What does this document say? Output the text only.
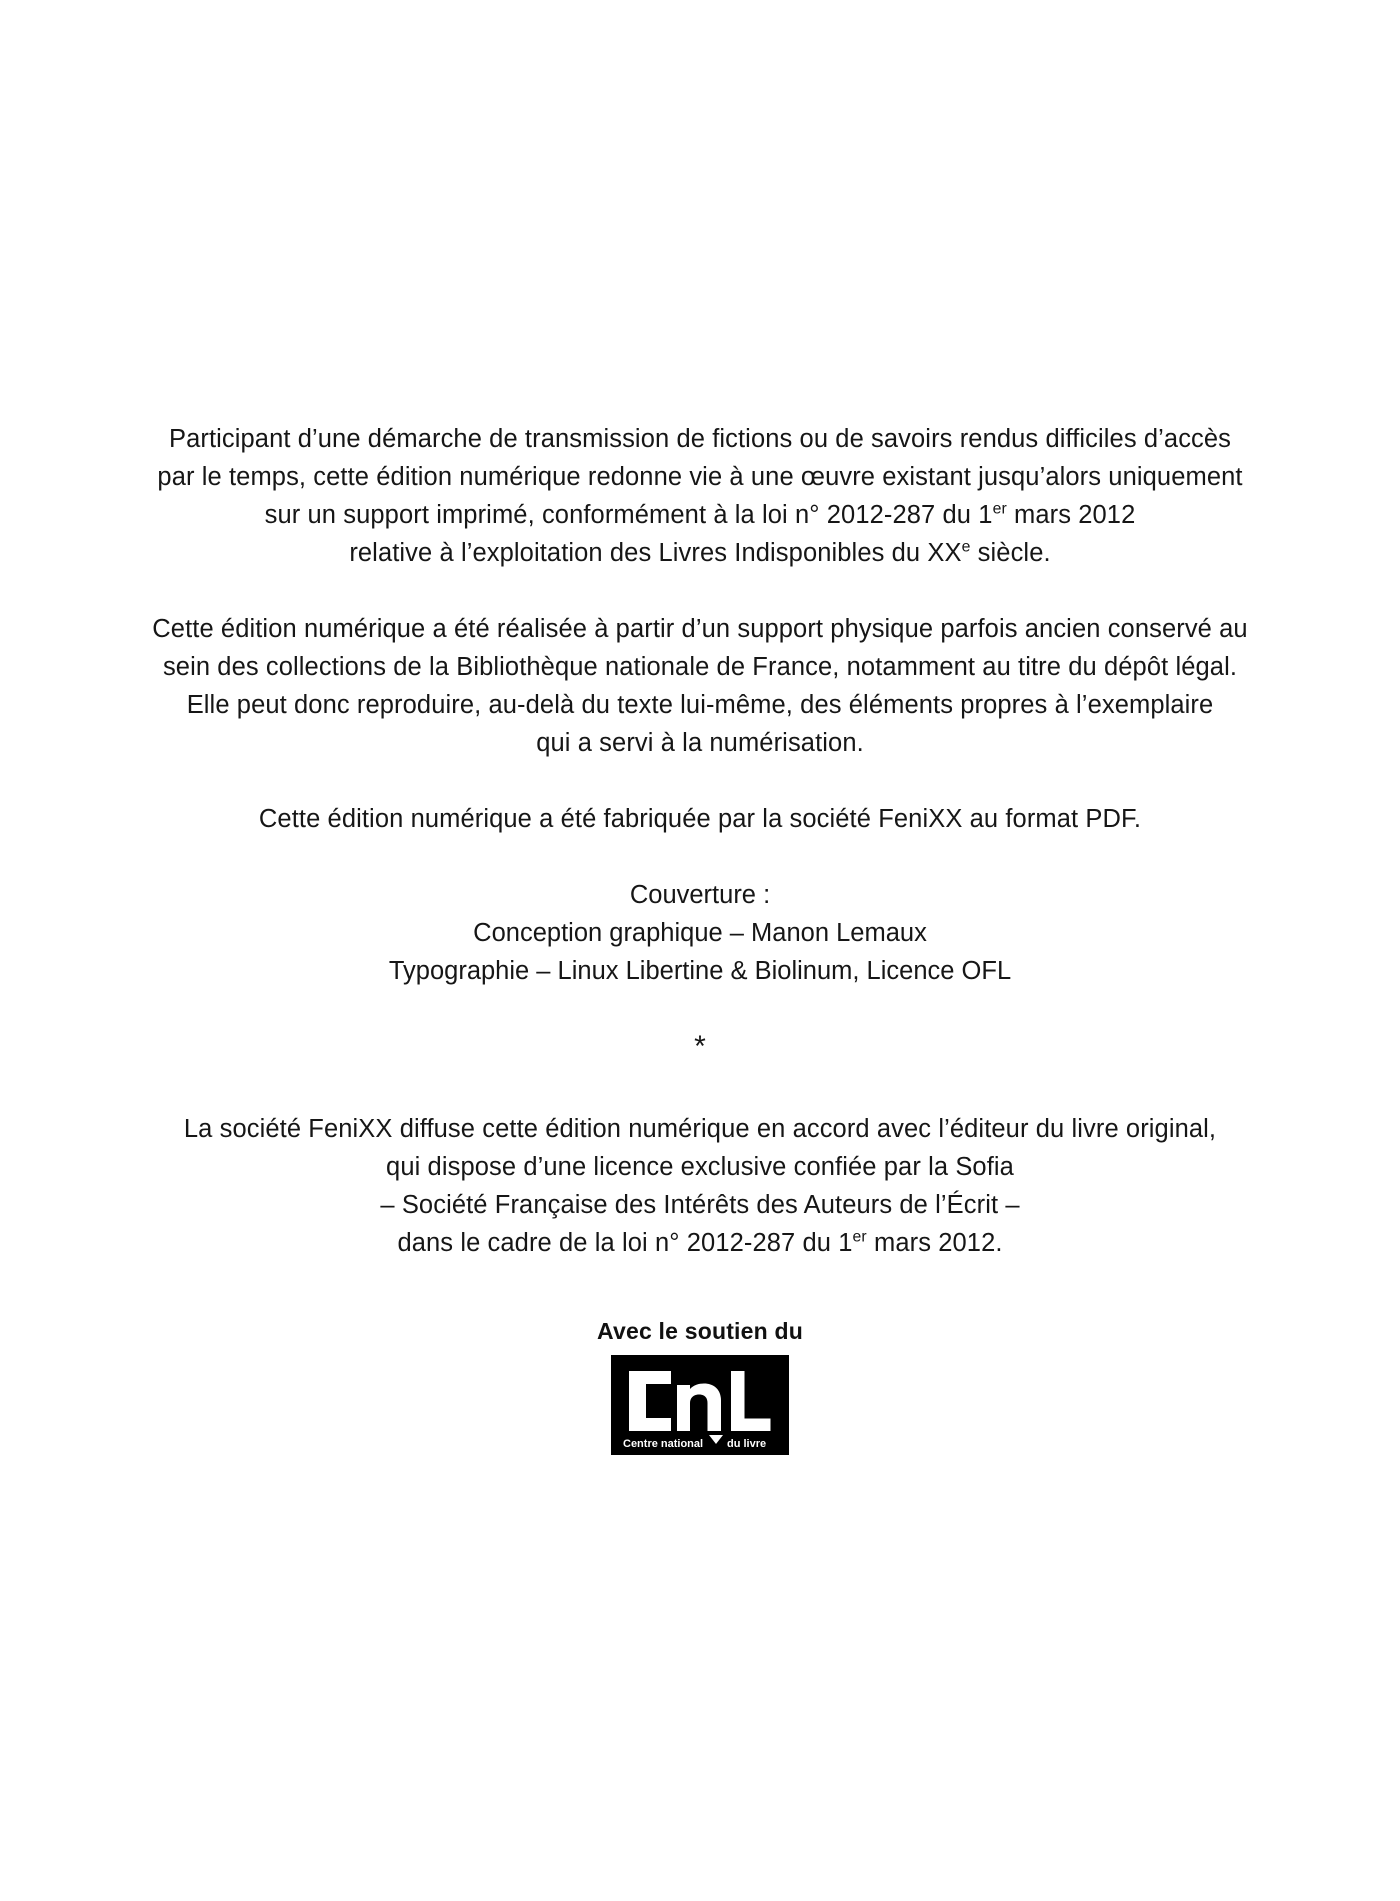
Participant d’une démarche de transmission de fictions ou de savoirs rendus difficiles d’accès
par le temps, cette édition numérique redonne vie à une œuvre existant jusqu’alors uniquement
sur un support imprimé, conformément à la loi n° 2012-287 du 1er mars 2012
relative à l’exploitation des Livres Indisponibles du XXe siècle.

Cette édition numérique a été réalisée à partir d’un support physique parfois ancien conservé au
sein des collections de la Bibliothèque nationale de France, notamment au titre du dépôt légal.
Elle peut donc reproduire, au-delà du texte lui-même, des éléments propres à l’exemplaire
qui a servi à la numérisation.

Cette édition numérique a été fabriquée par la société FeniXX au format PDF.

Couverture :
Conception graphique – Manon Lemaux
Typographie – Linux Libertine & Biolinum, Licence OFL
*

La société FeniXX diffuse cette édition numérique en accord avec l’éditeur du livre original,
qui dispose d’une licence exclusive confiée par la Sofia
– Société Française des Intérêts des Auteurs de l’Écrit –
dans le cadre de la loi n° 2012-287 du 1er mars 2012.

Avec le soutien du
Centre national du livre
